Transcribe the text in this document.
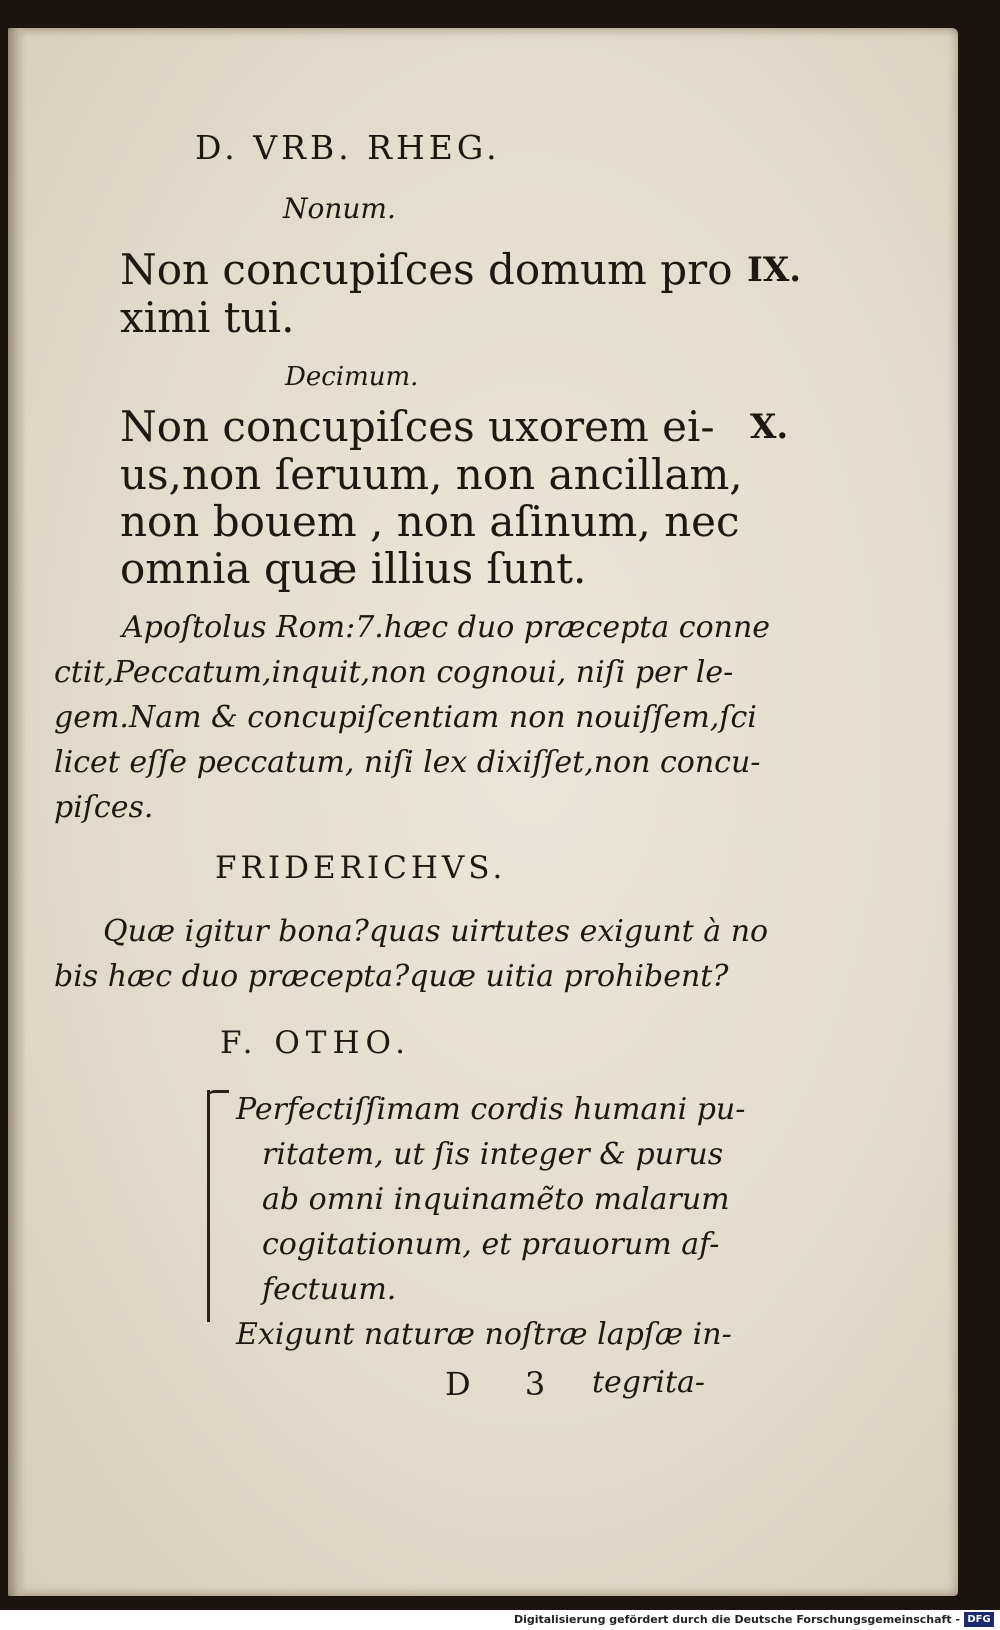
D. VRB. RHEG.
Nonum.
Non concupiſces domum pro
ximi tui.
IX.
Decimum.
Non concupiſces uxorem ei-
us,non ſeruum, non ancillam,
non bouem , non aſinum, nec
omnia quæ illius ſunt.
X.
Apoſtolus Rom:7.hæc duo præcepta conne
ctit,Peccatum,inquit,non cognoui, niſi per le-
gem.Nam & concupiſcentiam non nouiſſem,ſci
licet eſſe peccatum, niſi lex dixiſſet,non concu-
piſces.
FRIDERICHVS.
Quæ igitur bona?quas uirtutes exigunt à no
bis hæc duo præcepta?quæ uitia prohibent?
F. OTHO.
Perfectiſſimam cordis humani pu-
ritatem, ut ſis integer & purus
ab omni inquinamẽto malarum
cogitationum, et prauorum af-
fectuum.
Exigunt naturæ noſtræ lapſæ in-
D 3 tegrita-
Digitalisierung gefördert durch die Deutsche Forschungsgemeinschaft - DFG
